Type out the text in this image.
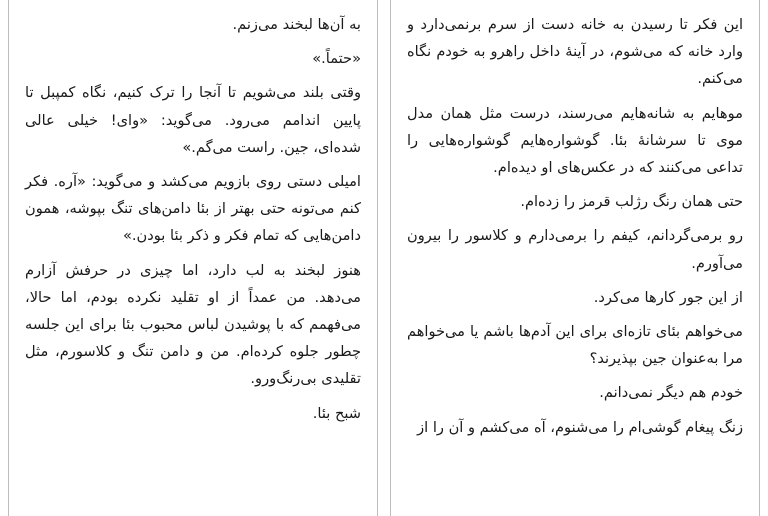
به آن‌ها لبخند می‌زنم.

«حتماً.»

وقتی بلند می‌شویم تا آنجا را ترک کنیم، نگاه کمپبل تا پایین اندامم می‌رود. می‌گوید: «وای! خیلی عالی شده‌ای، جین. راست می‌گم.»

امیلی دستی روی بازویم می‌کشد و می‌گوید: «آره. فکر کنم می‌تونه حتی بهتر از بئا دامن‌های تنگ بپوشه، همون دامن‌هایی که تمام فکر و ذکر بئا بودن.»

هنوز لبخند به لب دارد، اما چیزی در حرفش آزارم می‌دهد. من عمداً از او تقلید نکرده بودم، اما حالا، می‌فهمم که با پوشیدن لباس محبوب بئا برای این جلسه چطور جلوه کرده‌ام. من و دامن تنگ و کلاسورم، مثل تقلیدی بی‌رنگ‌ورو.

شبح بئا.

این فکر تا رسیدن به خانه دست از سرم برنمی‌دارد و وارد خانه که می‌شوم، در آینهٔ داخل راهرو به خودم نگاه می‌کنم.

موهایم به شانه‌هایم می‌رسند، درست مثل همان مدل موی تا سرشانهٔ بئا. گوشواره‌هایم گوشواره‌هایی را تداعی می‌کنند که در عکس‌های او دیده‌ام.

حتی همان رنگ رژلب قرمز را زده‌ام.

رو برمی‌گردانم، کیفم را برمی‌دارم و کلاسور را بیرون می‌آورم.

از این جور کارها می‌کرد.

می‌خواهم بئای تازه‌ای برای این آدم‌ها باشم یا می‌خواهم مرا به‌عنوان جین بپذیرند؟

خودم هم دیگر نمی‌دانم.

زنگ پیغام گوشی‌ام را می‌شنوم، آه می‌کشم و آن را از
